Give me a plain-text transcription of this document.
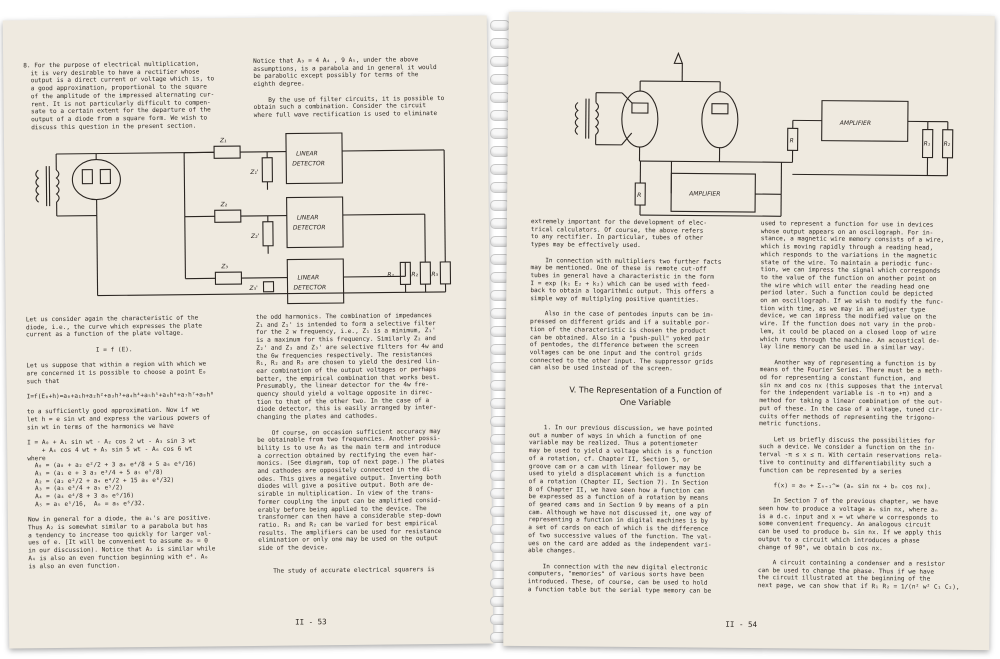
8. For the purpose of electrical multiplication,
it is very desirable to have a rectifier whose
output is a direct current or voltage which is, to
a good approximation, proportional to the square
of the amplitude of the impressed alternating cur-
rent. It is not particularly difficult to compen-
sate to a certain extent for the departure of the
output of a diode from a square form. We wish to
discuss this question in the present section.
Notice that A₃ = 4 A₄ , 9 A₅, under the above
assumptions, is a parabola and in general it would
be parabolic except possibly for terms of the
eighth degree.

By the use of filter circuits, it is possible to
obtain such a combination. Consider the circuit
where full wave rectification is used to eliminate
Z₁
Z₂
Z₃
Z₁'
Z₂'
Z₃'
LINEAR
DETECTOR
LINEAR
DETECTOR
LINEAR
DETECTOR
R₁	R₂ R₃
Let us consider again the characteristic of the
diode, i.e., the curve which expresses the plate
current as a function of the plate voltage.

I = f (E).

Let us suppose that within a region with which we
are concerned it is possible to choose a point E₀
such that

I=f(E₀+h)=a₀+a₁h+a₂h²+a₃h³+a₄h⁴+a₅h⁵+a₆h⁶+a₇h⁷+a₈h⁸

to a sufficiently good approximation. Now if we
let h = e sin wt and express the various powers of
sin wt in terms of the harmonics we have

I = A₀ + A₁ sin wt - A₂ cos 2 wt - A₃ sin 3 wt
+ A₄ cos 4 wt + A₅ sin 5 wt - A₆ cos 6 wt
where
A₀ = (a₀ + a₂ e²/2 + 3 a₄ e⁴/8 + 5 a₆ e⁶/16)
A₁ = (a₁ e + 3 a₃ e³/4 + 5 a₅ e⁵/8)
A₂ = (a₂ e²/2 + a₄ e⁴/2 + 15 a₆ e⁶/32)
A₃ = (a₃ e³/4 + a₅ e⁵/2)
A₄ = (a₄ e⁴/8 + 3 a₆ e⁶/16)
A₅ = a₅ e⁵/16,  A₆ = a₆ e⁶/32.

Now in general for a diode, the aᵢ's are positive.
Thus A₂ is somewhat similar to a parabola but has
a tendency to increase too quickly for larger val-
ues of e. [It will be convenient to assume a₀ = 0
in our discussion). Notice that A₂ is similar while
A₄ is also an even function beginning with e⁴. A₆
is also an even function.
the odd harmonics. The combination of impedances
Z₁ and Z₁' is intended to form a selective filter
for the 2 w frequency, i.e., Z₁ is a minimum, Z₁'
is a maximum for this frequency. Similarly Z₂ and
Z₂' and Z₃ and Z₃' are selective filters for 4w and
the 6w frequencies respectively. The resistances
R₁, R₂ and R₃ are chosen to yield the desired lin-
ear combination of the output voltages or perhaps
better, the empirical combination that works best.
Presumably, the linear detector for the 4w fre-
quency should yield a voltage opposite in direc-
tion to that of the other two. In the case of a
diode detector, this is easily arranged by inter-
changing the plates and cathodes.

Of course, on occasion sufficient accuracy may
be obtainable from two frequencies. Another possi-
bility is to use A₂ as the main term and introduce
a correction obtained by rectifying the even har-
monics. (See diagram, top of next page.) The plates
and cathodes are oppositely connected in the di-
odes. This gives a negative output. Inverting both
diodes will give a positive output. Both are de-
sirable in multiplication. In view of the trans-
former coupling the input can be amplified consid-
erably before being applied to the device. The
transformer can then have a considerable step-down
ratio. R₁ and R₂ can be varied for best empirical
results. The amplifiers can be used for resistance
elimination or only one may be used on the output
side of the device.

The study of accurate electrical squarers is
II - 53
R	AMPLIFIER
R
AMPLIFIER
R₁ R₂
extremely important for the development of elec-
trical calculators. Of course, the above refers
to any rectifier. In particular, tubes of other
types may be effectively used.

In connection with multipliers two further facts
may be mentioned. One of these is remote cut-off
tubes in general have a characteristic in the form
I = exp (k₁ E₂ + k₂) which can be used with feed-
back to obtain a logarithmic output. This offers a
simple way of multiplying positive quantities.

Also in the case of pentodes inputs can be im-
pressed on different grids and if a suitable por-
tion of the characteristic is chosen the product
can be obtained. Also in a "push-pull" yoked pair
of pentodes, the difference between the screen
voltages can be one input and the control grids
connected to the other input. The suppressor grids
can also be used instead of the screen.
V. The Representation of a Function of
One Variable
1. In our previous discussion, we have pointed
out a number of ways in which a function of one
variable may be realized. Thus a potentiometer
may be used to yield a voltage which is a function
of a rotation, cf. Chapter II, Section 5, or
groove cam or a cam with linear follower may be
used to yield a displacement which is a function
of a rotation (Chapter II, Section 7). In Section
8 of Chapter II, we have seen how a function can
be expressed as a function of a rotation by means
of geared cams and in Section 9 by means of a pin
cam. Although we have not discussed it, one way of
representing a function in digital machines is by
a set of cards on each of which is the difference
of two successive values of the function. The val-
ues on the card are added as the independent vari-
able changes.

In connection with the new digital electronic
computers, "memories" of various sorts have been
introduced. These, of course, can be used to hold
a function table but the serial type memory can be
used to represent a function for use in devices
whose output appears on an oscilograph. For in-
stance, a magnetic wire memory consists of a wire,
which is moving rapidly through a reading head,
which responds to the variations in the magnetic
state of the wire. To maintain a periodic func-
tion, we can impress the signal which corresponds
to the value of the function on another point on
the wire which will enter the reading head one
period later. Such a function could be depicted
on an oscillograph. If we wish to modify the func-
tion with time, as we may in an adjuster type
device, we can impress the modified value on the
wire. If the function does not vary in the prob-
lem, it could be placed on a closed loop of wire
which runs through the machine. An acoustical de-
lay line memory can be used in a similar way.

Another way of representing a function is by
means of the Fourier Series. There must be a meth-
od for representing a constant function, and
sin nx and cos nx (this supposes that the interval
for the independent variable is -π to +π) and a
method for taking a linear combination of the out-
put of these. In the case of a voltage, tuned cir-
cuits offer methods of representing the trigono-
metric functions.

Let us briefly discuss the possibilities for
such a device. We consider a function on the in-
terval -π ≤ x ≤ π. With certain reservations rela-
tive to continuity and differentiability such a
function can be represented by a series

f(x) = a₀ + Σₙ₌₁^∞ (aₙ sin nx + bₙ cos nx).

In Section 7 of the previous chapter, we have
seen how to produce a voltage aₙ sin nx, where aₙ
is a d.c. input and x = wt where w corresponds to
some convenient frequency. An analogous circuit
can be used to produce bₙ sin nx. If we apply this
output to a circuit which introduces a phase
change of 90°, we obtain b cos nx.

A circuit containing a condenser and a resistor
can be used to change the phase. Thus if we have
the circuit illustrated at the beginning of the
next page, we can show that if R₁ R₂ = 1/(n² w² C₁ C₂),
II - 54
